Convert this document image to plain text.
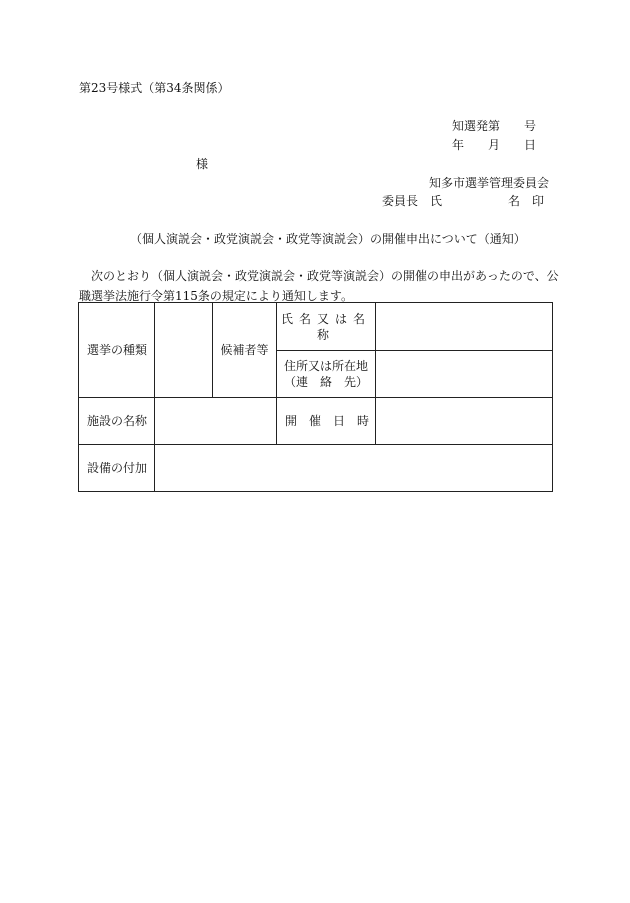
第23号様式（第34条関係）
知選発第　　号
年　　月　　日
様
知多市選挙管理委員会
委員長　氏	名　印
（個人演説会・政党演説会・政党等演説会）の開催申出について（通知）
次のとおり（個人演説会・政党演説会・政党等演説会）の開催の申出があったので、公職選挙法施行令第115条の規定により通知します。
選挙の種類		候補者等	氏名又は名称	

			住所又は所在地
（連　絡　先）	

施設の名称			開　催　日　時	
設備の付加				
